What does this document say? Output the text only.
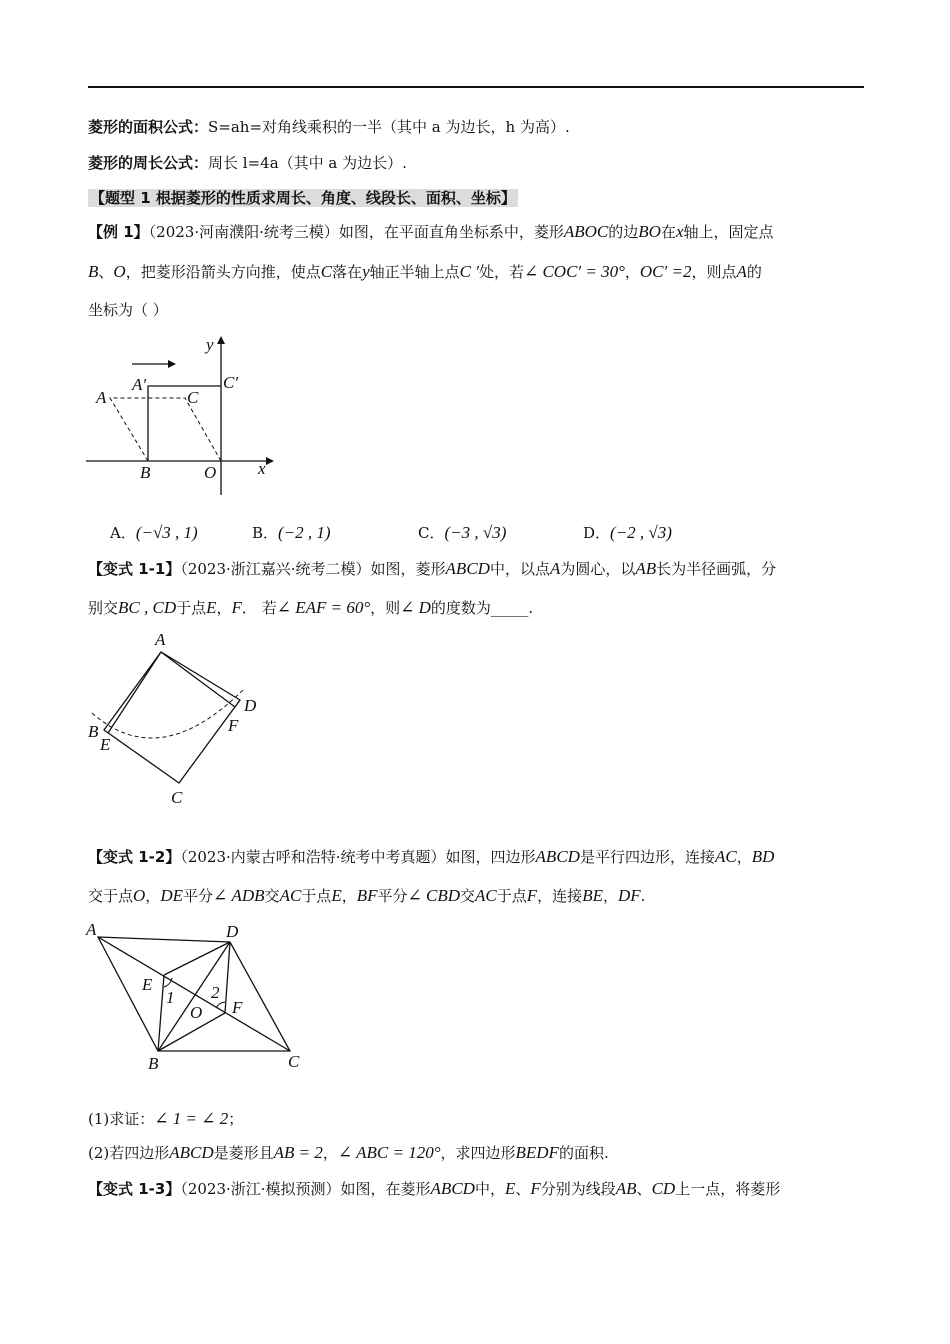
菱形的面积公式：S=ah=对角线乘积的一半（其中 a 为边长，h 为高）.
菱形的周长公式：周长 l=4a（其中 a 为边长）.
【题型 1 根据菱形的性质求周长、角度、线段长、面积、坐标】
【例 1】（2023·河南濮阳·统考三模）如图，在平面直角坐标系中，菱形ABOC的边BO在x轴上，固定点
B、O，把菱形沿箭头方向推，使点C落在y轴正半轴上点C ′处，若∠ COC′ = 30°，OC′ =2，则点A的
坐标为（ ）
y
A′	C′
A	C
B	O x
A．(−√3 , 1)	B．(−2 , 1)	C．(−3 , √3)	D．(−2 , √3)
【变式 1-1】（2023·浙江嘉兴·统考二模）如图，菱形ABCD中，以点A为圆心，以AB长为半径画弧，分
别交BC , CD于点E，F． 若∠ EAF = 60°，则∠ D的度数为_____.
A
D
F
B
E
C
【变式 1-2】（2023·内蒙古呼和浩特·统考中考真题）如图，四边形ABCD是平行四边形，连接AC，BD
交于点O，DE平分∠ ADB交AC于点E，BF平分∠ CBD交AC于点F，连接BE，DF.
A	D
E
1 2
O F
B	C
(1)求证：∠ 1 = ∠ 2；
(2)若四边形ABCD是菱形且AB = 2，∠ ABC = 120°，求四边形BEDF的面积.
【变式 1-3】（2023·浙江·模拟预测）如图，在菱形ABCD中，E、F分别为线段AB、CD上一点，将菱形
